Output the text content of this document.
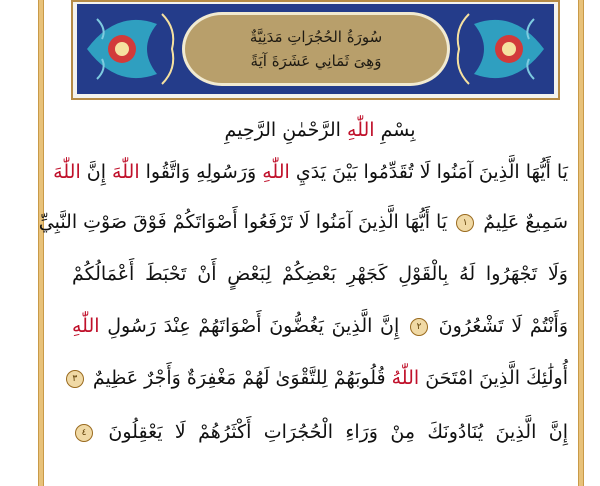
سُورَةُ الحُجُرَاتِ مَدَنِيَّةٌ
وَهِىَ ثَمَانِي عَشَرَةَ آيَةً
بِسْمِ اللّٰهِ الرَّحْمٰنِ الرَّحِيمِ
يَا أَيُّهَا الَّذِينَ آمَنُوا لَا تُقَدِّمُوا بَيْنَ يَدَيِ اللّٰهِ وَرَسُولِهِ وَاتَّقُوا اللّٰهَ إِنَّ اللّٰهَ
سَمِيعٌ عَلِيمٌ ١ يَا أَيُّهَا الَّذِينَ آمَنُوا لَا تَرْفَعُوا أَصْوَاتَكُمْ فَوْقَ صَوْتِ النَّبِيِّ
وَلَا تَجْهَرُوا لَهُ بِالْقَوْلِ كَجَهْرِ بَعْضِكُمْ لِبَعْضٍ أَنْ تَحْبَطَ أَعْمَالُكُمْ
وَأَنْتُمْ لَا تَشْعُرُونَ ٢ إِنَّ الَّذِينَ يَغُضُّونَ أَصْوَاتَهُمْ عِنْدَ رَسُولِ اللّٰهِ
أُولَٰئِكَ الَّذِينَ امْتَحَنَ اللّٰهُ قُلُوبَهُمْ لِلتَّقْوَىٰ لَهُمْ مَغْفِرَةٌ وَأَجْرٌ عَظِيمٌ ٣
إِنَّ الَّذِينَ يُنَادُونَكَ مِنْ وَرَاءِ الْحُجُرَاتِ أَكْثَرُهُمْ لَا يَعْقِلُونَ ٤
